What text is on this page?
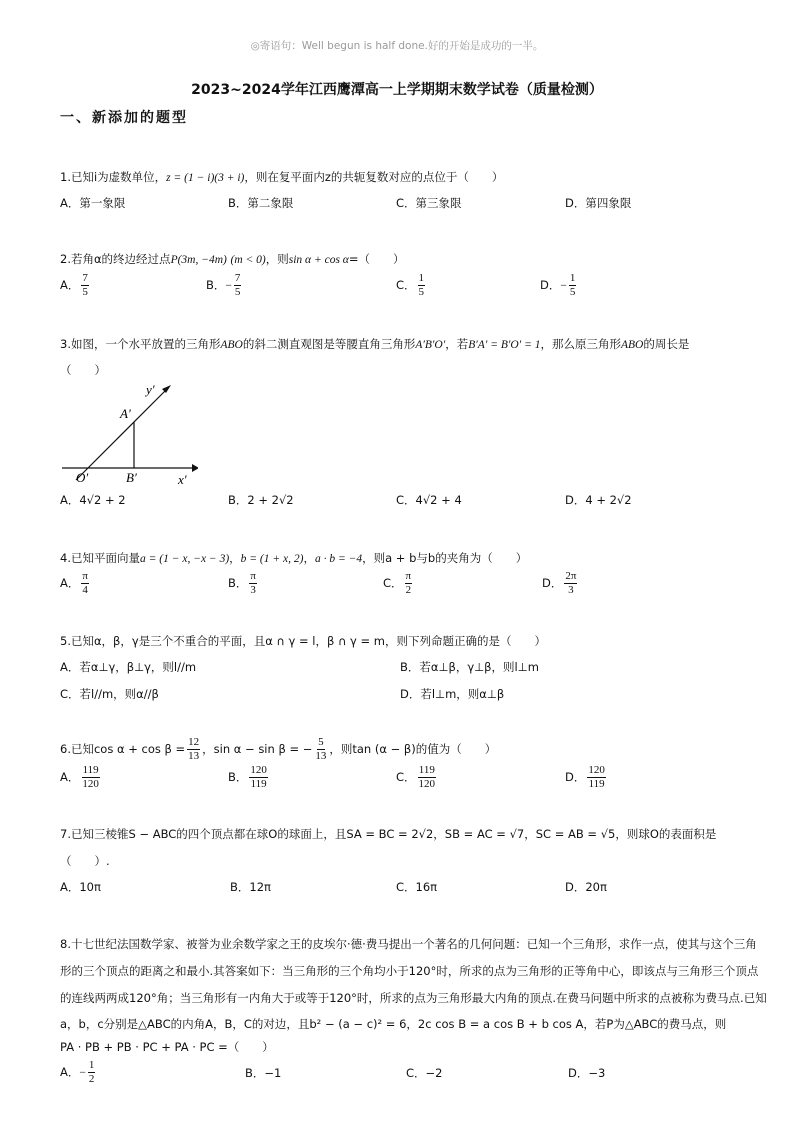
◎寄语句：Well begun is half done.好的开始是成功的一半。
2023~2024学年江西鹰潭高一上学期期末数学试卷（质量检测）
一、新添加的题型
1.已知i为虚数单位，z = (1 − i)(3 + i)，则在复平面内z的共轭复数对应的点位于（　　）
A．第一象限	B．第二象限	C．第三象限	D．第四象限
2.若角α的终边经过点P(3m, −4m) (m < 0)，则sin α + cos α=（　　）
A． $\frac{7}{5}$	B．− $\frac{7}{5}$	C． $\frac{1}{5}$	D．− $\frac{1}{5}$
3.如图，一个水平放置的三角形ABO的斜二测直观图是等腰直角三角形A′B′O′，若B′A′ = B′O′ = 1，那么原三角形ABO的周长是
（　　）
y′
A′
O′	B′	x′
A．4√2 + 2	B．2 + 2√2	C．4√2 + 4	D．4 + 2√2
4.已知平面向量a = (1 − x, −x − 3)，b = (1 + x, 2)，a · b = −4，则a + b与b的夹角为（　　）
A． $\frac{\pi}{4}$	B． $\frac{\pi}{3}$	C． $\frac{\pi}{2}$	D． $\frac{2\pi}{3}$
5.已知α，β，γ是三个不重合的平面，且α ∩ γ = l，β ∩ γ = m，则下列命题正确的是（　　）
A．若α⊥γ，β⊥γ，则l//m	B．若α⊥β，γ⊥β，则l⊥m
C．若l//m，则α//β	D．若l⊥m，则α⊥β
6.已知$\cos \alpha + \cos \beta = \frac{12}{13}$ ，sin α − sin β = − $\frac{5}{13}$ ，则tan (α − β)的值为（　　）
A． $\frac{119}{120}$	B． $\frac{120}{119}$	C． $\frac{119}{120}$	D． $\frac{120}{119}$
7.已知三棱锥S − ABC的四个顶点都在球O的球面上，且SA = BC = 2√2，SB = AC = √7，SC = AB = √5，则球O的表面积是
（　　）.
A．10π	B．12π	C．16π	D．20π
8.十七世纪法国数学家、被誉为业余数学家之王的皮埃尔·德·费马提出一个著名的几何问题：已知一个三角形，求作一点，使其与这个三角
形的三个顶点的距离之和最小.其答案如下：当三角形的三个角均小于120°时，所求的点为三角形的正等角中心，即该点与三角形三个顶点
的连线两两成120°角；当三角形有一内角大于或等于120°时，所求的点为三角形最大内角的顶点.在费马问题中所求的点被称为费马点.已知
a，b，c分别是△ABC的内角A，B，C的对边，且b² − (a − c)² = 6，2c cos B = a cos B + b cos A，若P为△ABC的费马点，则
PA · PB + PB · PC + PA · PC =（　　）
A．− $\frac{1}{2}$	B．−1	C．−2	D．−3
